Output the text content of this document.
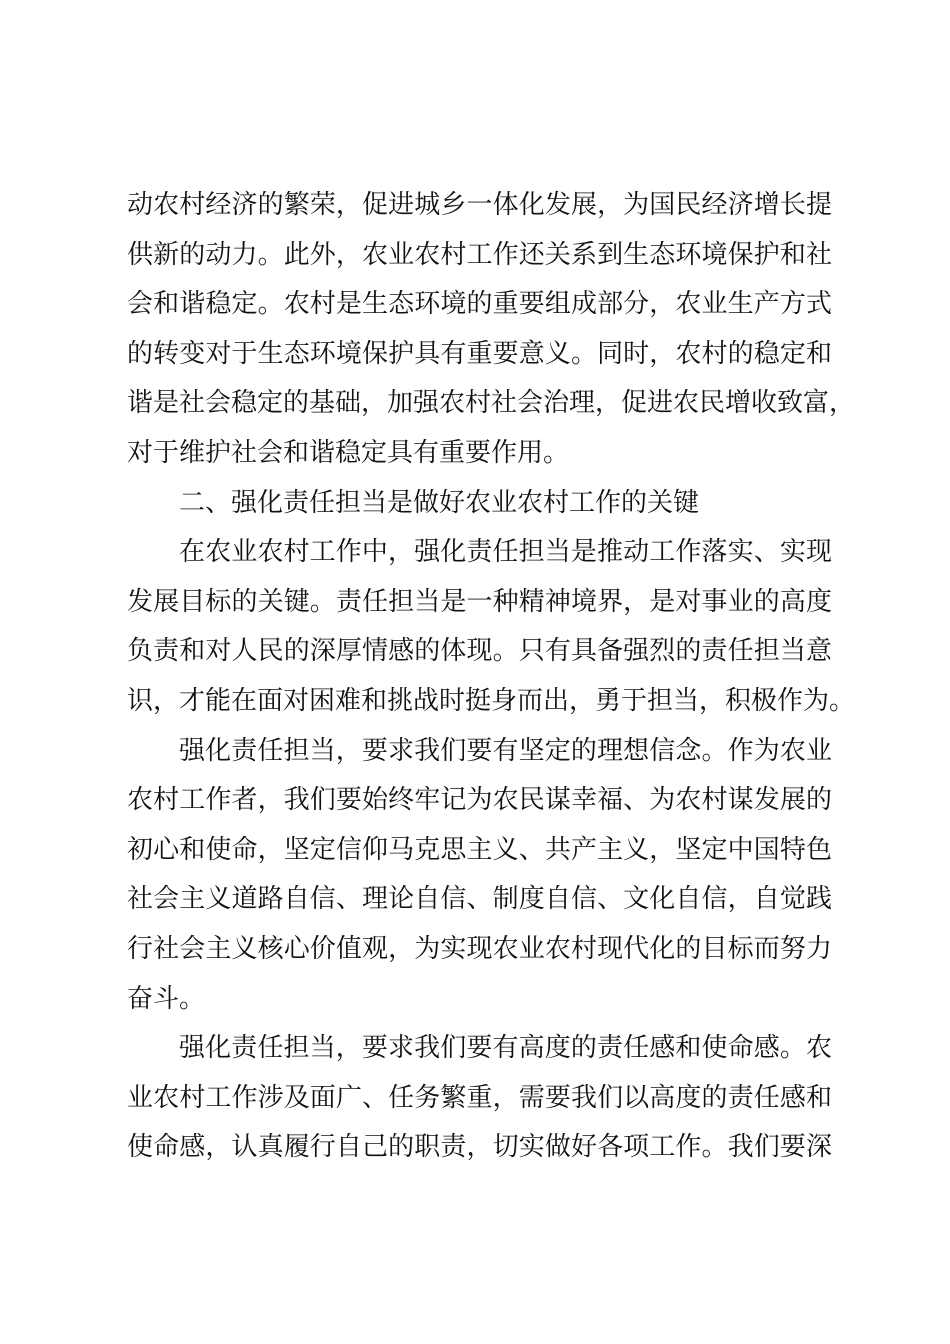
动农村经济的繁荣，促进城乡一体化发展，为国民经济增长提
供新的动力。此外，农业农村工作还关系到生态环境保护和社
会和谐稳定。农村是生态环境的重要组成部分，农业生产方式
的转变对于生态环境保护具有重要意义。同时，农村的稳定和
谐是社会稳定的基础，加强农村社会治理，促进农民增收致富，
对于维护社会和谐稳定具有重要作用。
二、强化责任担当是做好农业农村工作的关键
在农业农村工作中，强化责任担当是推动工作落实、实现
发展目标的关键。责任担当是一种精神境界，是对事业的高度
负责和对人民的深厚情感的体现。只有具备强烈的责任担当意
识，才能在面对困难和挑战时挺身而出，勇于担当，积极作为。
强化责任担当，要求我们要有坚定的理想信念。作为农业
农村工作者，我们要始终牢记为农民谋幸福、为农村谋发展的
初心和使命，坚定信仰马克思主义、共产主义，坚定中国特色
社会主义道路自信、理论自信、制度自信、文化自信，自觉践
行社会主义核心价值观，为实现农业农村现代化的目标而努力
奋斗。
强化责任担当，要求我们要有高度的责任感和使命感。农
业农村工作涉及面广、任务繁重，需要我们以高度的责任感和
使命感，认真履行自己的职责，切实做好各项工作。我们要深
